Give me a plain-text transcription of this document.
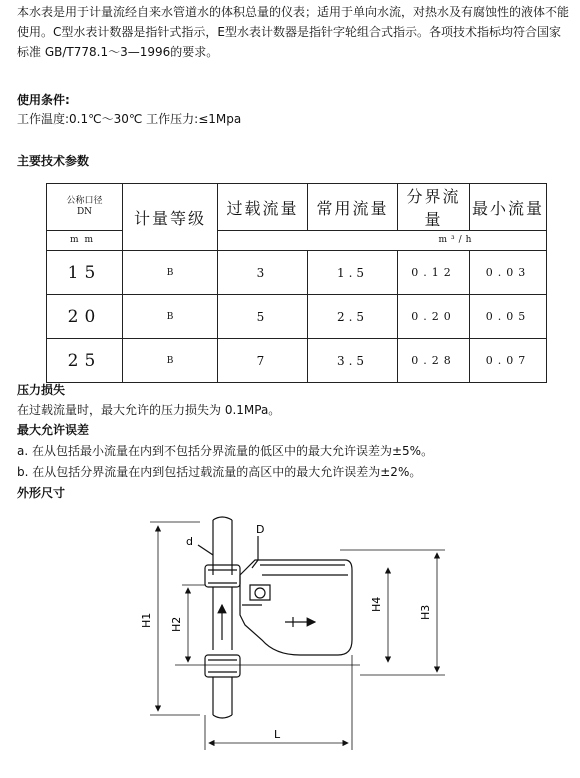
本水表是用于计量流经自来水管道水的体积总量的仪表；适用于单向水流，对热水及有腐蚀性的液体不能
使用。C型水表计数器是指针式指示，E型水表计数器是指针字轮组合式指示。各项技术指标均符合国家
标准 GB/T778.1～3—1996的要求。
使用条件:
工作温度:0.1℃～30℃ 工作压力:≤1Mpa
主要技术参数
公称口径
DN	计量等级	过载流量	常用流量	分界流量	最小流量
mm		m³/h			
15	B	3	1.5	0.12	0.03
20	B	5	2.5	0.20	0.05
25	B	7	3.5	0.28	0.07
压力损失
在过载流量时，最大允许的压力损失为 0.1MPa。
最大允许误差
a. 在从包括最小流量在内到不包括分界流量的低区中的最大允许误差为±5%。
b. 在从包括分界流量在内到包括过载流量的高区中的最大允许误差为±2%。
外形尺寸
d
D
H1 H2
H3
H4
L
